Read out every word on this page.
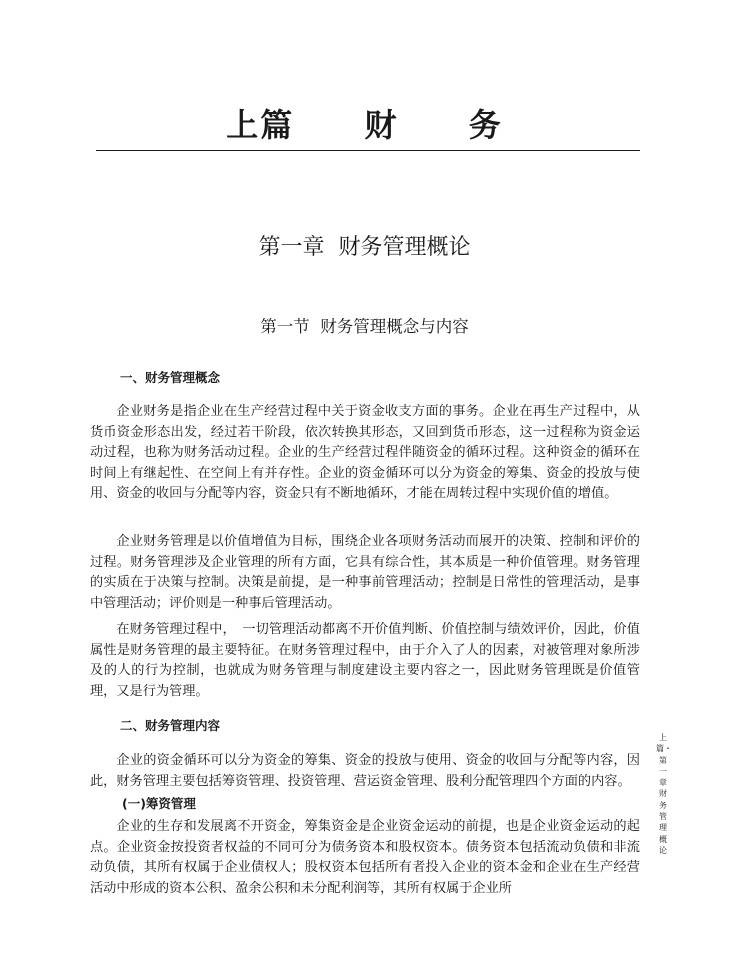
上篇  财  务
第一章  财务管理概论
第一节  财务管理概念与内容
一、财务管理概念

企业财务是指企业在生产经营过程中关于资金收支方面的事务。企业在再生产过程中，从货币资金形态出发，经过若干阶段，依次转换其形态，又回到货币形态，这一过程称为资金运动过程，也称为财务活动过程。企业的生产经营过程伴随资金的循环过程。这种资金的循环在时间上有继起性、在空间上有并存性。企业的资金循环可以分为资金的筹集、资金的投放与使用、资金的收回与分配等内容，资金只有不断地循环，才能在周转过程中实现价值的增值。

企业财务管理是以价值增值为目标，围绕企业各项财务活动而展开的决策、控制和评价的过程。财务管理涉及企业管理的所有方面，它具有综合性，其本质是一种价值管理。财务管理的实质在于决策与控制。决策是前提，是一种事前管理活动；控制是日常性的管理活动，是事中管理活动；评价则是一种事后管理活动。

在财务管理过程中，　一切管理活动都离不开价值判断、价值控制与绩效评价，因此，价值属性是财务管理的最主要特征。在财务管理过程中，由于介入了人的因素，对被管理对象所涉及的人的行为控制，也就成为财务管理与制度建设主要内容之一，因此财务管理既是价值管理，又是行为管理。

二、财务管理内容

企业的资金循环可以分为资金的筹集、资金的投放与使用、资金的收回与分配等内容，因此，财务管理主要包括筹资管理、投资管理、营运资金管理、股利分配管理四个方面的内容。

(一)筹资管理

企业的生存和发展离不开资金，筹集资金是企业资金运动的前提，也是企业资金运动的起点。企业资金按投资者权益的不同可分为债务资本和股权资本。债务资本包括流动负债和非流动负债，其所有权属于企业债权人；股权资本包括所有者投入企业的资本金和企业在生产经营活动中形成的资本公积、盈余公积和未分配利润等，其所有权属于企业所

上篇・第一章财务管理概论
